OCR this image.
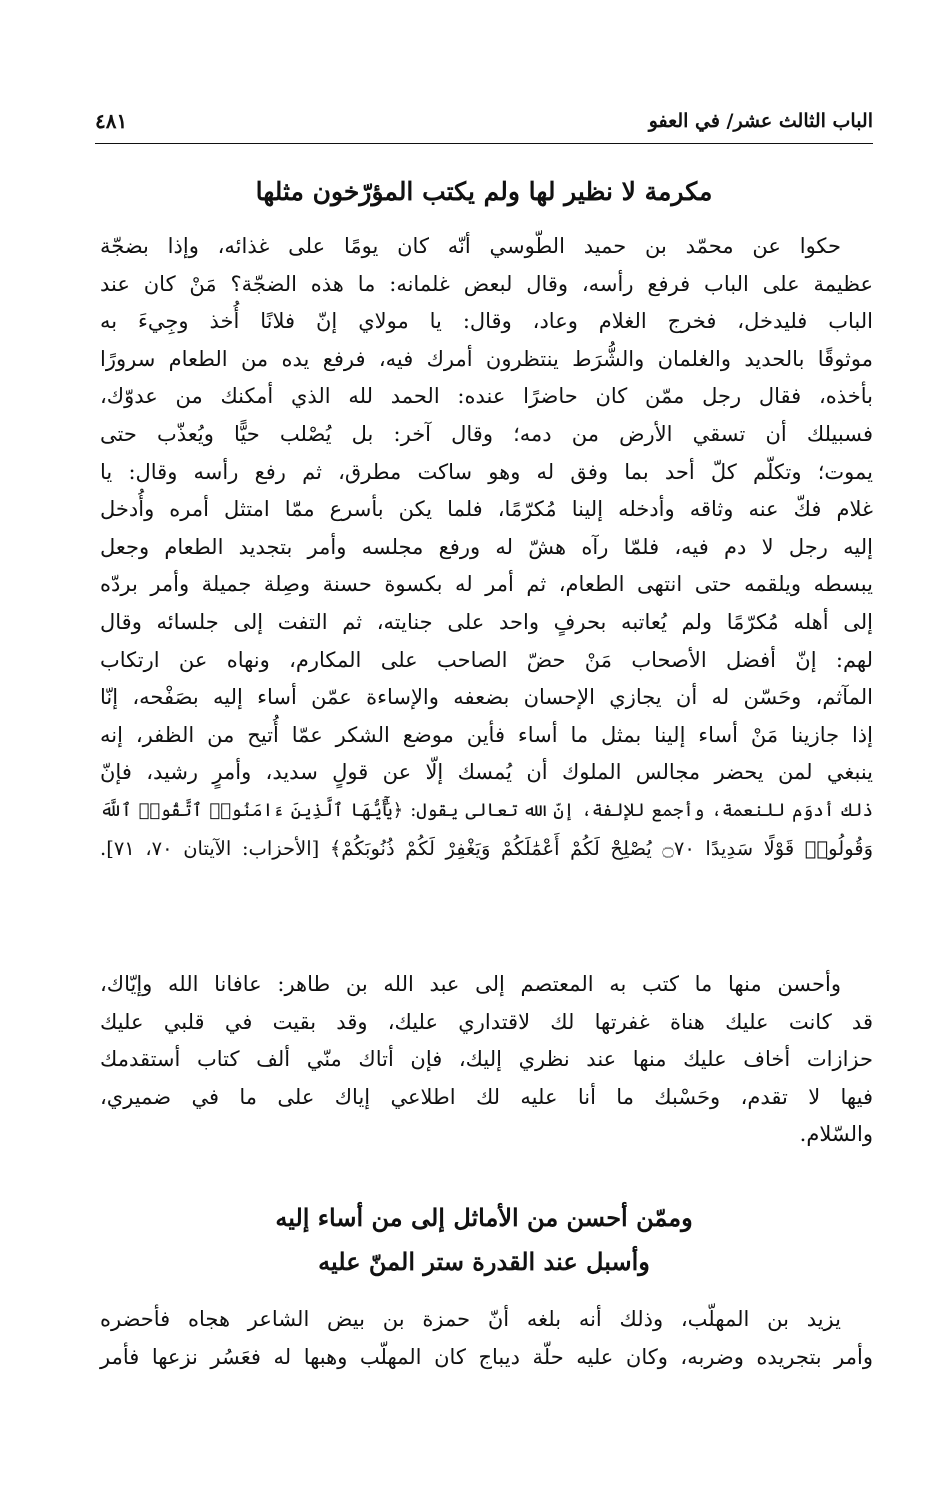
الباب الثالث عشر/ في العفو
٤٨١
مكرمة لا نظير لها ولم يكتب المؤرّخون مثلها
حكوا عن محمّد بن حميد الطّوسي أنّه كان يومًا على غذائه، وإذا بضجّة
عظيمة على الباب فرفع رأسه، وقال لبعض غلمانه: ما هذه الضجّة؟ مَنْ كان عند
الباب فليدخل، فخرج الغلام وعاد، وقال: يا مولاي إنّ فلانًا أُخذ وجِيءَ به
موثوقًا بالحديد والغلمان والشُّرَط ينتظرون أمرك فيه، فرفع يده من الطعام سرورًا
بأخذه، فقال رجل ممّن كان حاضرًا عنده: الحمد لله الذي أمكنك من عدوّك،
فسبيلك أن تسقي الأرض من دمه؛ وقال آخر: بل يُصْلب حيًّا ويُعذّب حتى
يموت؛ وتكلّم كلّ أحد بما وفق له وهو ساكت مطرق، ثم رفع رأسه وقال: يا
غلام فكّ عنه وثاقه وأدخله إلينا مُكرّمًا، فلما يكن بأسرع ممّا امتثل أمره وأُدخل
إليه رجل لا دم فيه، فلمّا رآه هشّ له ورفع مجلسه وأمر بتجديد الطعام وجعل
يبسطه ويلقمه حتى انتهى الطعام، ثم أمر له بكسوة حسنة وصِلة جميلة وأمر بردّه
إلى أهله مُكرّمًا ولم يُعاتبه بحرفٍ واحد على جنايته، ثم التفت إلى جلسائه وقال
لهم: إنّ أفضل الأصحاب مَنْ حضّ الصاحب على المكارم، ونهاه عن ارتكاب
المآثم، وحَسّن له أن يجازي الإحسان بضعفه والإساءة عمّن أساء إليه بصَفْحه، إنّا
إذا جازينا مَنْ أساء إلينا بمثل ما أساء فأين موضع الشكر عمّا أُتيح من الظفر، إنه
ينبغي لمن يحضر مجالس الملوك أن يُمسك إلّا عن قولٍ سديد، وأمرٍ رشيد، فإنّ
ذلك أدوَم للنعمة، وأجمع للإلفة، إنّ الله تعالى يقول: ﴿يَٰٓأَيُّهَا ٱلَّذِينَ ءَامَنُوا۟ ٱتَّقُوا۟ ٱللَّهَ
وَقُولُوا۟ قَوْلًا سَدِيدًا ۝٧٠ يُصْلِحْ لَكُمْ أَعْمَٰلَكُمْ وَيَغْفِرْ لَكُمْ ذُنُوبَكُمْ﴾ [الأحزاب: الآيتان ٧٠، ٧١].
وأحسن منها ما كتب به المعتصم إلى عبد الله بن طاهر: عافانا الله وإيّاك،
قد كانت عليك هناة غفرتها لك لاقتداري عليك، وقد بقيت في قلبي عليك
حزازات أخاف عليك منها عند نظري إليك، فإن أتاك منّي ألف كتاب أستقدمك
فيها لا تقدم، وحَسْبك ما أنا عليه لك اطلاعي إياك على ما في ضميري،
والسّلام.
وممّن أحسن من الأماثل إلى من أساء إليه
وأسبل عند القدرة ستر المنّ عليه
يزيد بن المهلّب، وذلك أنه بلغه أنّ حمزة بن بيض الشاعر هجاه فأحضره
وأمر بتجريده وضربه، وكان عليه حلّة ديباج كان المهلّب وهبها له فعَسُر نزعها فأمر
